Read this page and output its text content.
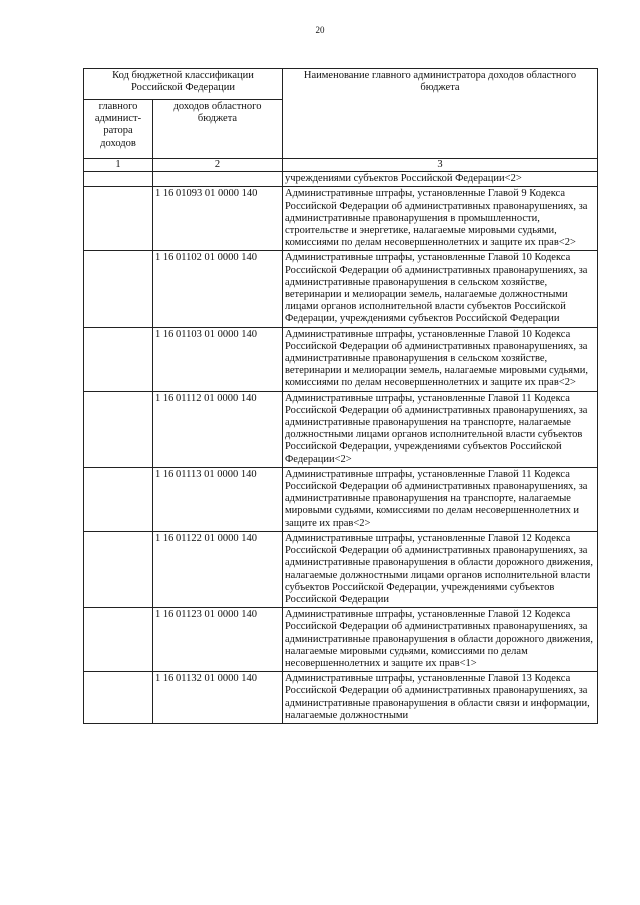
20
Код бюджетной классификации Российской Федерации		Наименование главного администратора доходов областного бюджета
главного админист-ратора доходов	доходов областного бюджета	
1	2	3
		учреждениями субъектов Российской Федерации<2>
	1 16 01093 01 0000 140	Административные штрафы, установленные Главой 9 Кодекса Российской Федерации об административных правонарушениях, за административные правонарушения в промышленности, строительстве и энергетике, налагаемые мировыми судьями, комиссиями по делам несовершеннолетних и защите их прав<2>
	1 16 01102 01 0000 140	Административные штрафы, установленные Главой 10 Кодекса Российской Федерации об административных правонарушениях, за административные правонарушения в сельском хозяйстве, ветеринарии и мелиорации земель, налагаемые должностными лицами органов исполнительной власти субъектов Российской Федерации, учреждениями субъектов Российской Федерации
	1 16 01103 01 0000 140	Административные штрафы, установленные Главой 10 Кодекса Российской Федерации об административных правонарушениях, за административные правонарушения в сельском хозяйстве, ветеринарии и мелиорации земель, налагаемые мировыми судьями, комиссиями по делам несовершеннолетних и защите их прав<2>
	1 16 01112 01 0000 140	Административные штрафы, установленные Главой 11 Кодекса Российской Федерации об административных правонарушениях, за административные правонарушения на транспорте, налагаемые должностными лицами органов исполнительной власти субъектов Российской Федерации, учреждениями субъектов Российской Федерации<2>
	1 16 01113 01 0000 140	Административные штрафы, установленные Главой 11 Кодекса Российской Федерации об административных правонарушениях, за административные правонарушения на транспорте, налагаемые мировыми судьями, комиссиями по делам несовершеннолетних и защите их прав<2>
	1 16 01122 01 0000 140	Административные штрафы, установленные Главой 12 Кодекса Российской Федерации об административных правонарушениях, за административные правонарушения в области дорожного движения, налагаемые должностными лицами органов исполнительной власти субъектов Российской Федерации, учреждениями субъектов Российской Федерации
	1 16 01123 01 0000 140	Административные штрафы, установленные Главой 12 Кодекса Российской Федерации об административных правонарушениях, за административные правонарушения в области дорожного движения, налагаемые мировыми судьями, комиссиями по делам несовершеннолетних и защите их прав<1>
	1 16 01132 01 0000 140	Административные штрафы, установленные Главой 13 Кодекса Российской Федерации об административных правонарушениях, за административные правонарушения в области связи и информации, налагаемые должностными
